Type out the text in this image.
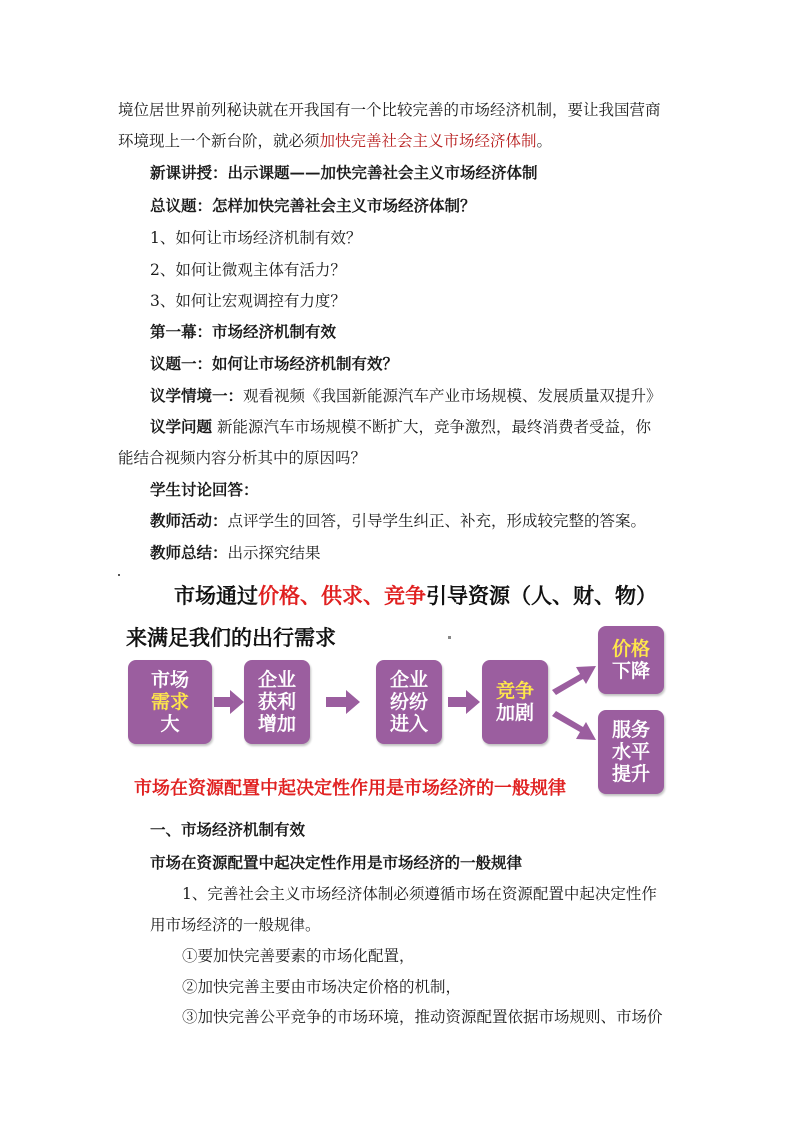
境位居世界前列秘诀就在开我国有一个比较完善的市场经济机制，要让我国营商
环境现上一个新台阶，就必须加快完善社会主义市场经济体制。
新课讲授：出示课题——加快完善社会主义市场经济体制
总议题：怎样加快完善社会主义市场经济体制？
1、如何让市场经济机制有效？
2、如何让微观主体有活力？
3、如何让宏观调控有力度？
第一幕：市场经济机制有效
议题一：如何让市场经济机制有效？
议学情境一：观看视频《我国新能源汽车产业市场规模、发展质量双提升》
议学问题 新能源汽车市场规模不断扩大，竞争激烈，最终消费者受益，你
能结合视频内容分析其中的原因吗？
学生讨论回答：
教师活动：点评学生的回答，引导学生纠正、补充，形成较完整的答案。
教师总结：出示探究结果
市场通过价格、供求、竞争引导资源（人、财、物）
来满足我们的出行需求
市场
需求
大
企业
获利
增加
企业
纷纷
进入
竞争
加剧
价格
下降
服务
水平
提升
市场在资源配置中起决定性作用是市场经济的一般规律
一、市场经济机制有效
市场在资源配置中起决定性作用是市场经济的一般规律
1、完善社会主义市场经济体制必须遵循市场在资源配置中起决定性作
用市场经济的一般规律。
①要加快完善要素的市场化配置，
②加快完善主要由市场决定价格的机制，
③加快完善公平竞争的市场环境，推动资源配置依据市场规则、市场价
